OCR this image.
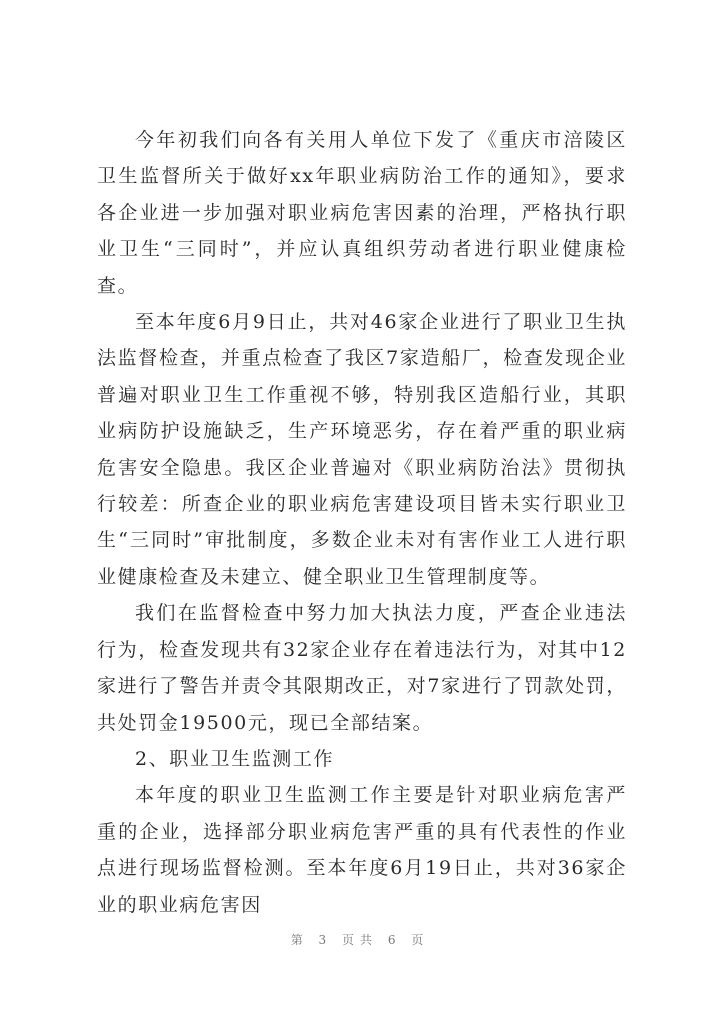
今年初我们向各有关用人单位下发了《重庆市涪陵区卫生监督所关于做好xx年职业病防治工作的通知》，要求各企业进一步加强对职业病危害因素的治理，严格执行职业卫生“三同时”，并应认真组织劳动者进行职业健康检查。

至本年度6月9日止，共对46家企业进行了职业卫生执法监督检查，并重点检查了我区7家造船厂，检查发现企业普遍对职业卫生工作重视不够，特别我区造船行业，其职业病防护设施缺乏，生产环境恶劣，存在着严重的职业病危害安全隐患。我区企业普遍对《职业病防治法》贯彻执行较差：所查企业的职业病危害建设项目皆未实行职业卫生“三同时”审批制度，多数企业未对有害作业工人进行职业健康检查及未建立、健全职业卫生管理制度等。

我们在监督检查中努力加大执法力度，严查企业违法行为，检查发现共有32家企业存在着违法行为，对其中12家进行了警告并责令其限期改正，对7家进行了罚款处罚，共处罚金19500元，现已全部结案。

2、职业卫生监测工作

本年度的职业卫生监测工作主要是针对职业病危害严重的企业，选择部分职业病危害严重的具有代表性的作业点进行现场监督检测。至本年度6月19日止，共对36家企业的职业病危害因

第 3 页共 6 页
